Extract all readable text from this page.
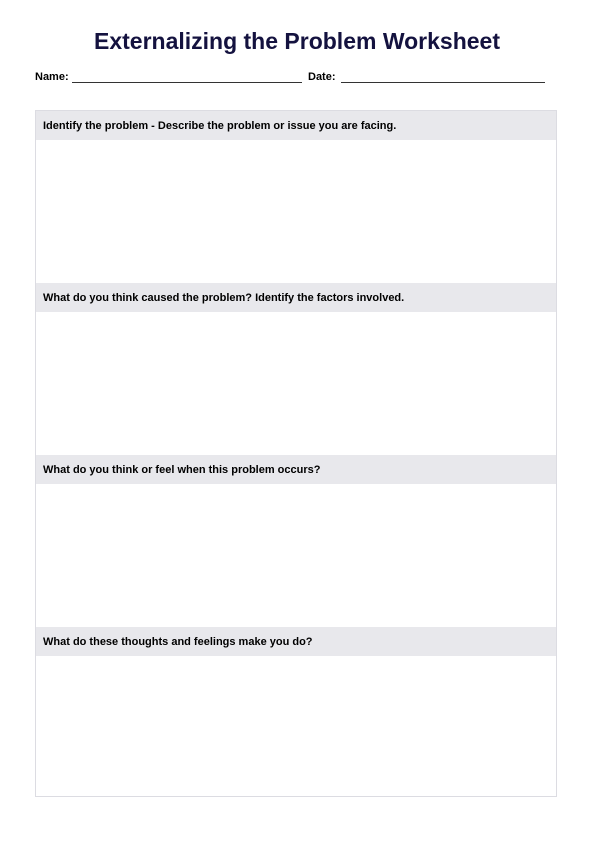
Externalizing the Problem Worksheet
Name:	Date:
Identify the problem - Describe the problem or issue you are facing.
What do you think caused the problem? Identify the factors involved.
What do you think or feel when this problem occurs?
What do these thoughts and feelings make you do?
